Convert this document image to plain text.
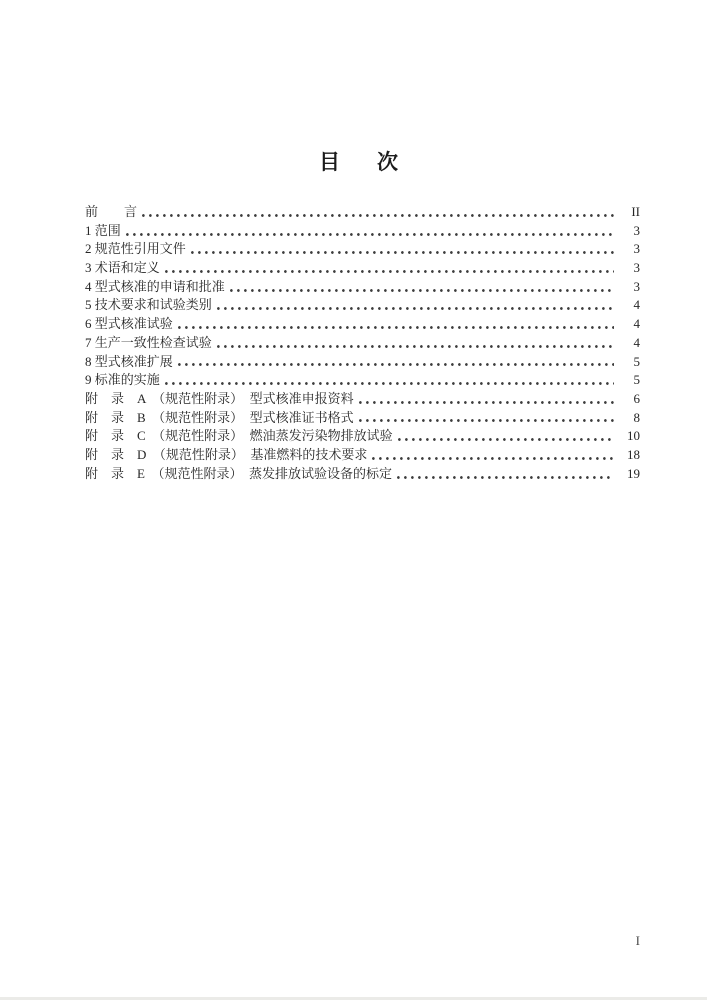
目　次
前　　言	II
1 范围	3
2 规范性引用文件	3
3 术语和定义	3
4 型式核准的申请和批准	3
5 技术要求和试验类别	4
6 型式核准试验	4
7 生产一致性检查试验	4
8 型式核准扩展	5
9 标准的实施	5
附　录　A　（规范性附录）　型式核准申报资料	6
附　录　B　（规范性附录）　型式核准证书格式	8
附　录　C　（规范性附录）　燃油蒸发污染物排放试验	10
附　录　D　（规范性附录）　基准燃料的技术要求	18
附　录　E　（规范性附录）　蒸发排放试验设备的标定	19
I
